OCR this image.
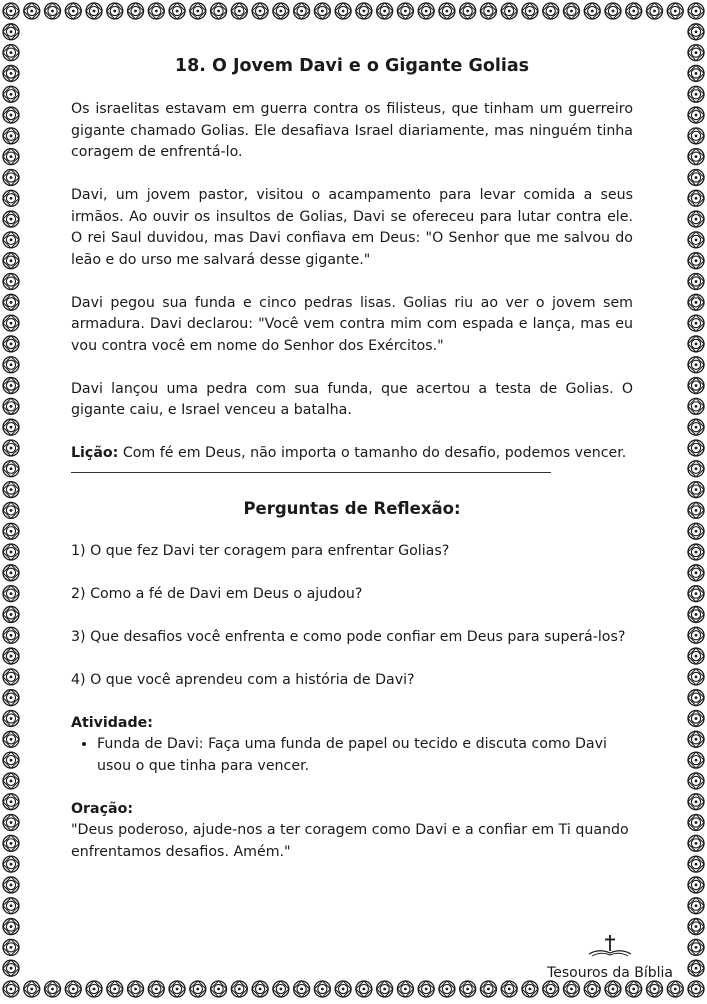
18. O Jovem Davi e o Gigante Golias

Os israelitas estavam em guerra contra os filisteus, que tinham um guerreiro gigante chamado Golias. Ele desafiava Israel diariamente, mas ninguém tinha coragem de enfrentá-lo.

Davi, um jovem pastor, visitou o acampamento para levar comida a seus irmãos. Ao ouvir os insultos de Golias, Davi se ofereceu para lutar contra ele. O rei Saul duvidou, mas Davi confiava em Deus: "O Senhor que me salvou do leão e do urso me salvará desse gigante."

Davi pegou sua funda e cinco pedras lisas. Golias riu ao ver o jovem sem armadura. Davi declarou: "Você vem contra mim com espada e lança, mas eu vou contra você em nome do Senhor dos Exércitos."

Davi lançou uma pedra com sua funda, que acertou a testa de Golias. O gigante caiu, e Israel venceu a batalha.

Lição: Com fé em Deus, não importa o tamanho do desafio, podemos vencer.

Perguntas de Reflexão:
1) O que fez Davi ter coragem para enfrentar Golias?
2) Como a fé de Davi em Deus o ajudou?
3) Que desafios você enfrenta e como pode confiar em Deus para superá-los?
4) O que você aprendeu com a história de Davi?
Atividade:
• Funda de Davi: Faça uma funda de papel ou tecido e discuta como Davi usou o que tinha para vencer.
Oração:
"Deus poderoso, ajude-nos a ter coragem como Davi e a confiar em Ti quando enfrentamos desafios. Amém."
Tesouros da Bíblia
